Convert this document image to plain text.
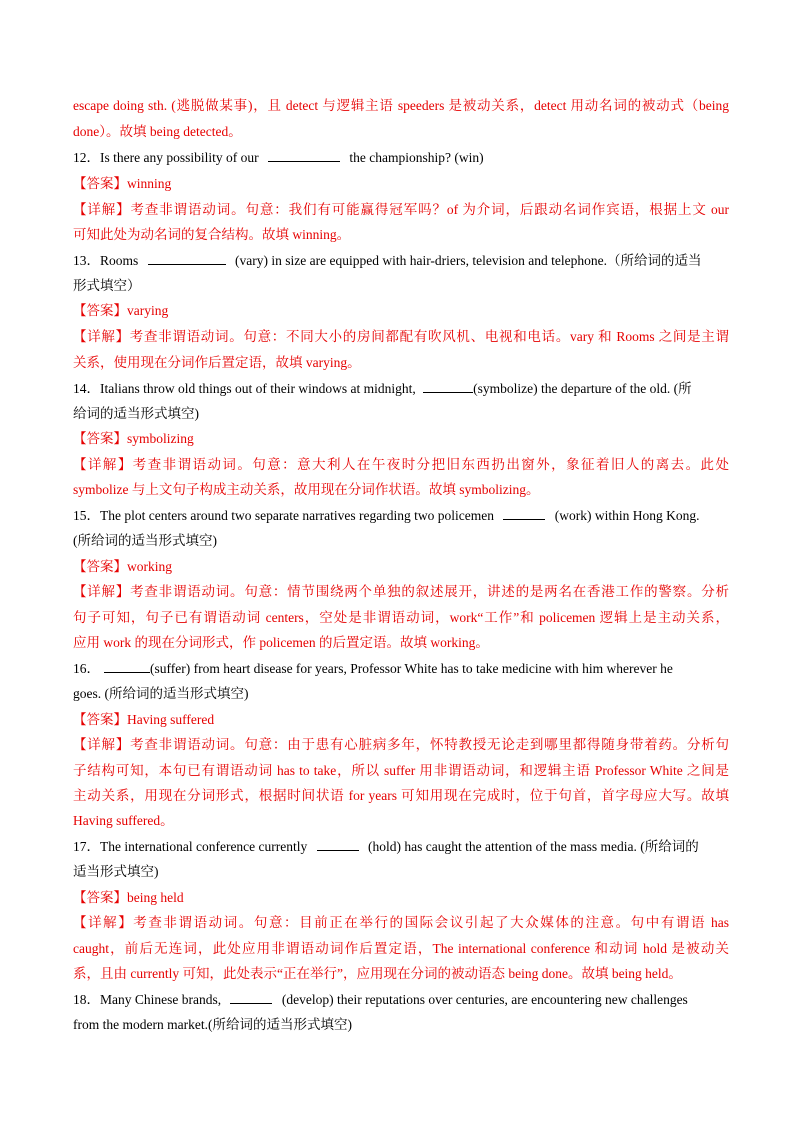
escape doing sth. (逃脱做某事)，且 detect 与逻辑主语 speeders 是被动关系，detect 用动名词的被动式（being
done）。故填 being detected。
12．Is there any possibility of our	the championship? (win)
【答案】winning
【详解】考查非谓语动词。句意：我们有可能赢得冠军吗？of 为介词，后跟动名词作宾语，根据上文 our
可知此处为动名词的复合结构。故填 winning。
13．Rooms	(vary) in size are equipped with hair-driers, television and telephone.（所给词的适当
形式填空）
【答案】varying
【详解】考查非谓语动词。句意：不同大小的房间都配有吹风机、电视和电话。vary 和 Rooms 之间是主谓
关系，使用现在分词作后置定语，故填 varying。
14．Italians throw old things out of their windows at midnight,	(symbolize) the departure of the old. (所
给词的适当形式填空)
【答案】symbolizing
【详解】考查非谓语动词。句意：意大利人在午夜时分把旧东西扔出窗外，象征着旧人的离去。此处
symbolize 与上文句子构成主动关系，故用现在分词作状语。故填 symbolizing。
15．The plot centers around two separate narratives regarding two policemen	(work) within Hong Kong.
(所给词的适当形式填空)
【答案】working
【详解】考查非谓语动词。句意：情节围绕两个单独的叙述展开，讲述的是两名在香港工作的警察。分析
句子可知，句子已有谓语动词 centers，空处是非谓语动词，work“工作”和 policemen 逻辑上是主动关系，
应用 work 的现在分词形式，作 policemen 的后置定语。故填 working。
16．	(suffer) from heart disease for years, Professor White has to take medicine with him wherever he
goes. (所给词的适当形式填空)
【答案】Having suffered
【详解】考查非谓语动词。句意：由于患有心脏病多年，怀特教授无论走到哪里都得随身带着药。分析句
子结构可知，本句已有谓语动词 has to take，所以 suffer 用非谓语动词，和逻辑主语 Professor White 之间是
主动关系，用现在分词形式，根据时间状语 for years 可知用现在完成时，位于句首，首字母应大写。故填
Having suffered。
17．The international conference currently	(hold) has caught the attention of the mass media. (所给词的
适当形式填空)
【答案】being held
【详解】考查非谓语动词。句意：目前正在举行的国际会议引起了大众媒体的注意。句中有谓语 has
caught，前后无连词，此处应用非谓语动词作后置定语，The international conference 和动词 hold 是被动关
系，且由 currently 可知，此处表示“正在举行”，应用现在分词的被动语态 being done。故填 being held。
18．Many Chinese brands,	(develop) their reputations over centuries, are encountering new challenges
from the modern market.(所给词的适当形式填空)
